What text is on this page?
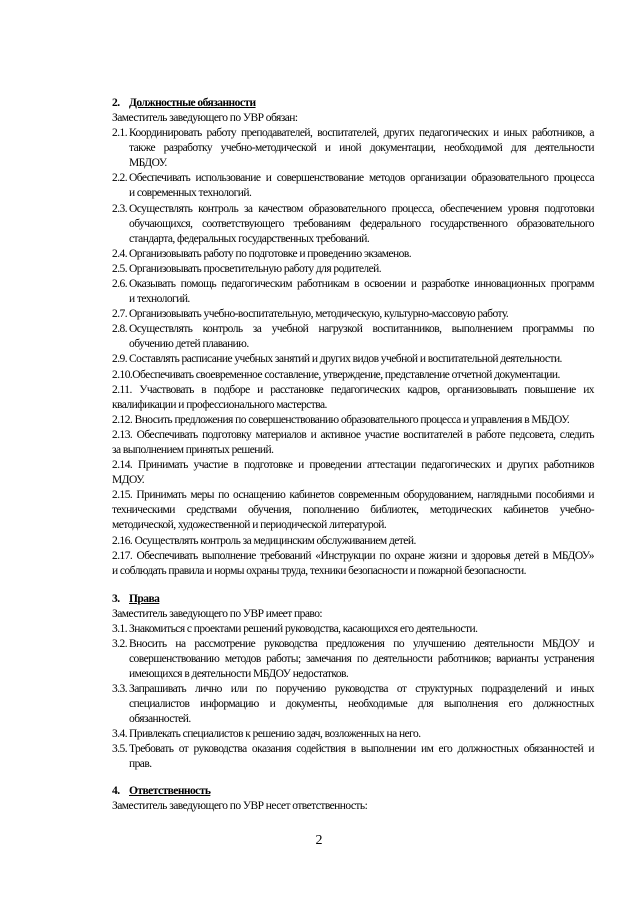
2. Должностные обязанности
Заместитель заведующего по УВР обязан:
2.1. Координировать работу преподавателей, воспитателей, других педагогических и иных работников, а
также разработку учебно-методической и иной документации, необходимой для деятельности
МБДОУ.
2.2. Обеспечивать использование и совершенствование методов организации образовательного процесса
и современных технологий.
2.3. Осуществлять контроль за качеством образовательного процесса, обеспечением уровня подготовки
обучающихся, соответствующего требованиям федерального государственного образовательного
стандарта, федеральных государственных требований.
2.4. Организовывать работу по подготовке и проведению экзаменов.
2.5. Организовывать просветительную работу для родителей.
2.6. Оказывать помощь педагогическим работникам в освоении и разработке инновационных программ
и технологий.
2.7. Организовывать учебно-воспитательную, методическую, культурно-массовую работу.
2.8. Осуществлять контроль за учебной нагрузкой воспитанников, выполнением программы по
обучению детей плаванию.
2.9. Составлять расписание учебных занятий и других видов учебной и воспитательной деятельности.
2.10.Обеспечивать своевременное составление, утверждение, представление отчетной документации.
2.11. Участвовать в подборе и расстановке педагогических кадров, организовывать повышение их
квалификации и профессионального мастерства.
2.12. Вносить предложения по совершенствованию образовательного процесса и управления в МБДОУ.
2.13. Обеспечивать подготовку материалов и активное участие воспитателей в работе педсовета, следить
за выполнением принятых решений.
2.14. Принимать участие в подготовке и проведении аттестации педагогических и других работников
МДОУ.
2.15. Принимать меры по оснащению кабинетов современным оборудованием, наглядными пособиями и
техническими средствами обучения, пополнению библиотек, методических кабинетов учебно-
методической, художественной и периодической литературой.
2.16. Осуществлять контроль за медицинским обслуживанием детей.
2.17. Обеспечивать выполнение требований «Инструкции по охране жизни и здоровья детей в МБДОУ»
и соблюдать правила и нормы охраны труда, техники безопасности и пожарной безопасности.
3. Права
Заместитель заведующего по УВР имеет право:
3.1. Знакомиться с проектами решений руководства, касающихся его деятельности.
3.2. Вносить на рассмотрение руководства предложения по улучшению деятельности МБДОУ и
совершенствованию методов работы; замечания по деятельности работников; варианты устранения
имеющихся в деятельности МБДОУ недостатков.
3.3. Запрашивать лично или по поручению руководства от структурных подразделений и иных
специалистов информацию и документы, необходимые для выполнения его должностных
обязанностей.
3.4. Привлекать специалистов к решению задач, возложенных на него.
3.5. Требовать от руководства оказания содействия в выполнении им его должностных обязанностей и
прав.
4. Ответственность
Заместитель заведующего по УВР несет ответственность:
2
